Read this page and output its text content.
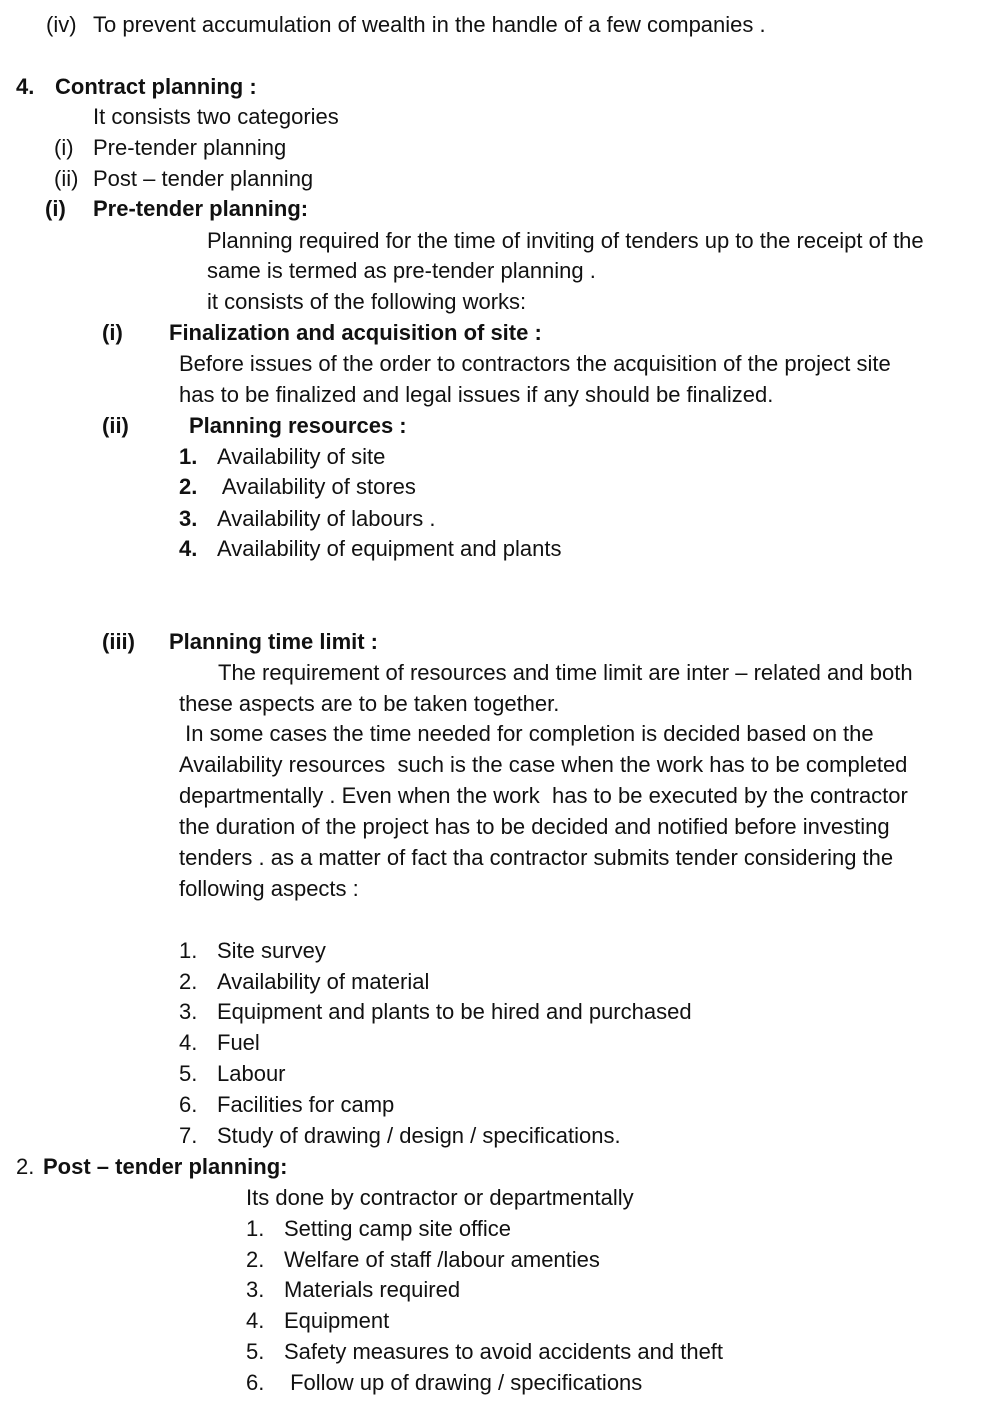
(iv) To prevent accumulation of wealth in the handle of a few companies .
4. Contract planning :
It consists two categories
(i) Pre-tender planning
(ii) Post – tender planning
(i) Pre-tender planning:
Planning required for the time of inviting of tenders up to the receipt of the
same is termed as pre-tender planning .
it consists of the following works:
(i) Finalization and acquisition of site :
Before issues of the order to contractors the acquisition of the project site
has to be finalized and legal issues if any should be finalized.
(ii)	Planning resources :
1. Availability of site
2. Availability of stores
3. Availability of labours .
4. Availability of equipment and plants
(iii) Planning time limit :
The requirement of resources and time limit are inter – related and both
these aspects are to be taken together.
In some cases the time needed for completion is decided based on the
Availability resources  such is the case when the work has to be completed
departmentally . Even when the work  has to be executed by the contractor
the duration of the project has to be decided and notified before investing
tenders . as a matter of fact tha contractor submits tender considering the
following aspects :
1. Site survey
2. Availability of material
3. Equipment and plants to be hired and purchased
4. Fuel
5. Labour
6. Facilities for camp
7. Study of drawing / design / specifications.
2. Post – tender planning:
Its done by contractor or departmentally
1. Setting camp site office
2. Welfare of staff /labour amenties
3. Materials required
4. Equipment
5. Safety measures to avoid accidents and theft
6. Follow up of drawing / specifications
